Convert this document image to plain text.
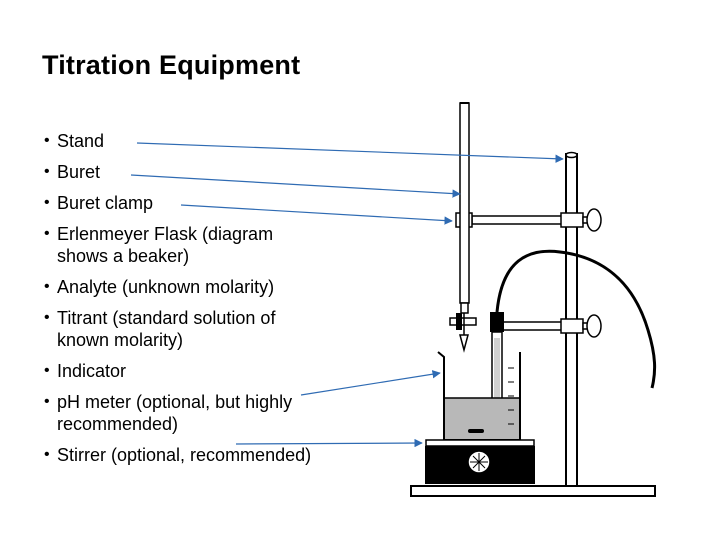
Titration Equipment
• Stand
• Buret
• Buret clamp
• Erlenmeyer Flask (diagram
shows a beaker)
• Analyte (unknown molarity)
• Titrant (standard solution of
known molarity)
• Indicator
• pH meter (optional, but highly
recommended)
• Stirrer (optional, recommended)
